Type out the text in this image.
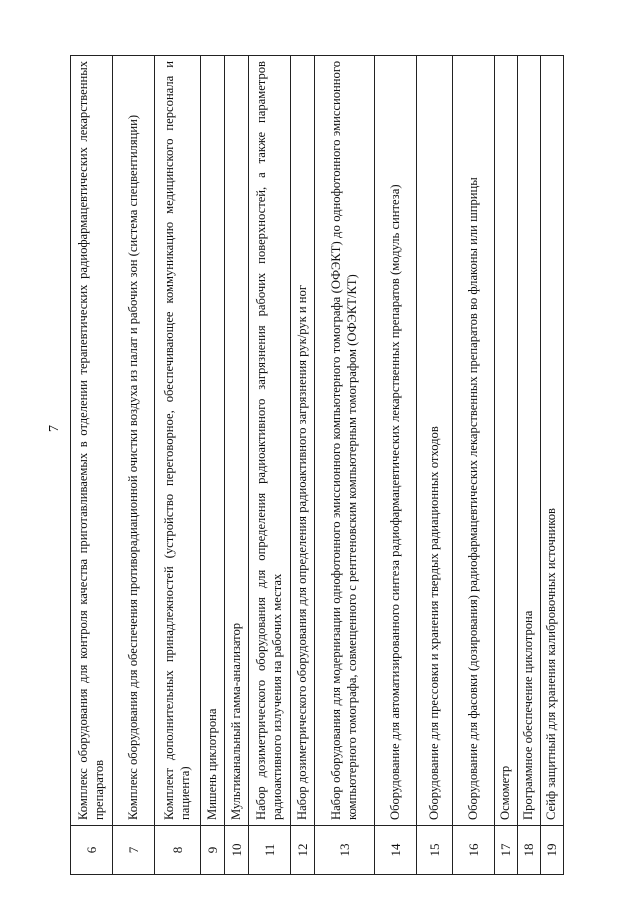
7
6	Комплекс оборудования для контроля качества приготавливаемых в отделении терапевтических радиофармацевтических лекарственных препаратов
7	Комплекс оборудования для обеспечения противорадиационной очистки воздуха из палат и рабочих зон (система спецвентиляции)
8	Комплект дополнительных принадлежностей (устройство переговорное, обеспечивающее коммуникацию медицинского персонала и пациента)
9	Мишень циклотрона
10	Мультиканальный гамма-анализатор
11	Набор дозиметрического оборудования для определения радиоактивного загрязнения рабочих поверхностей, а также параметров радиоактивного излучения на рабочих местах
12	Набор дозиметрического оборудования для определения радиоактивного загрязнения рук/рук и ног
13	Набор оборудования для модернизации однофотонного эмиссионного компьютерного томографа (ОФЭКТ) до однофотонного эмиссионного компьютерного томографа, совмещенного с рентгеновским компьютерным томографом (ОФЭКТ/КТ)
14	Оборудование для автоматизированного синтеза радиофармацевтических лекарственных препаратов (модуль синтеза)
15	Оборудование для прессовки и хранения твердых радиационных отходов
16	Оборудование для фасовки (дозирования) радиофармацевтических лекарственных препаратов во флаконы или шприцы
17	Осмометр
18	Программное обеспечение циклотрона
19	Сейф защитный для хранения калибровочных источников
